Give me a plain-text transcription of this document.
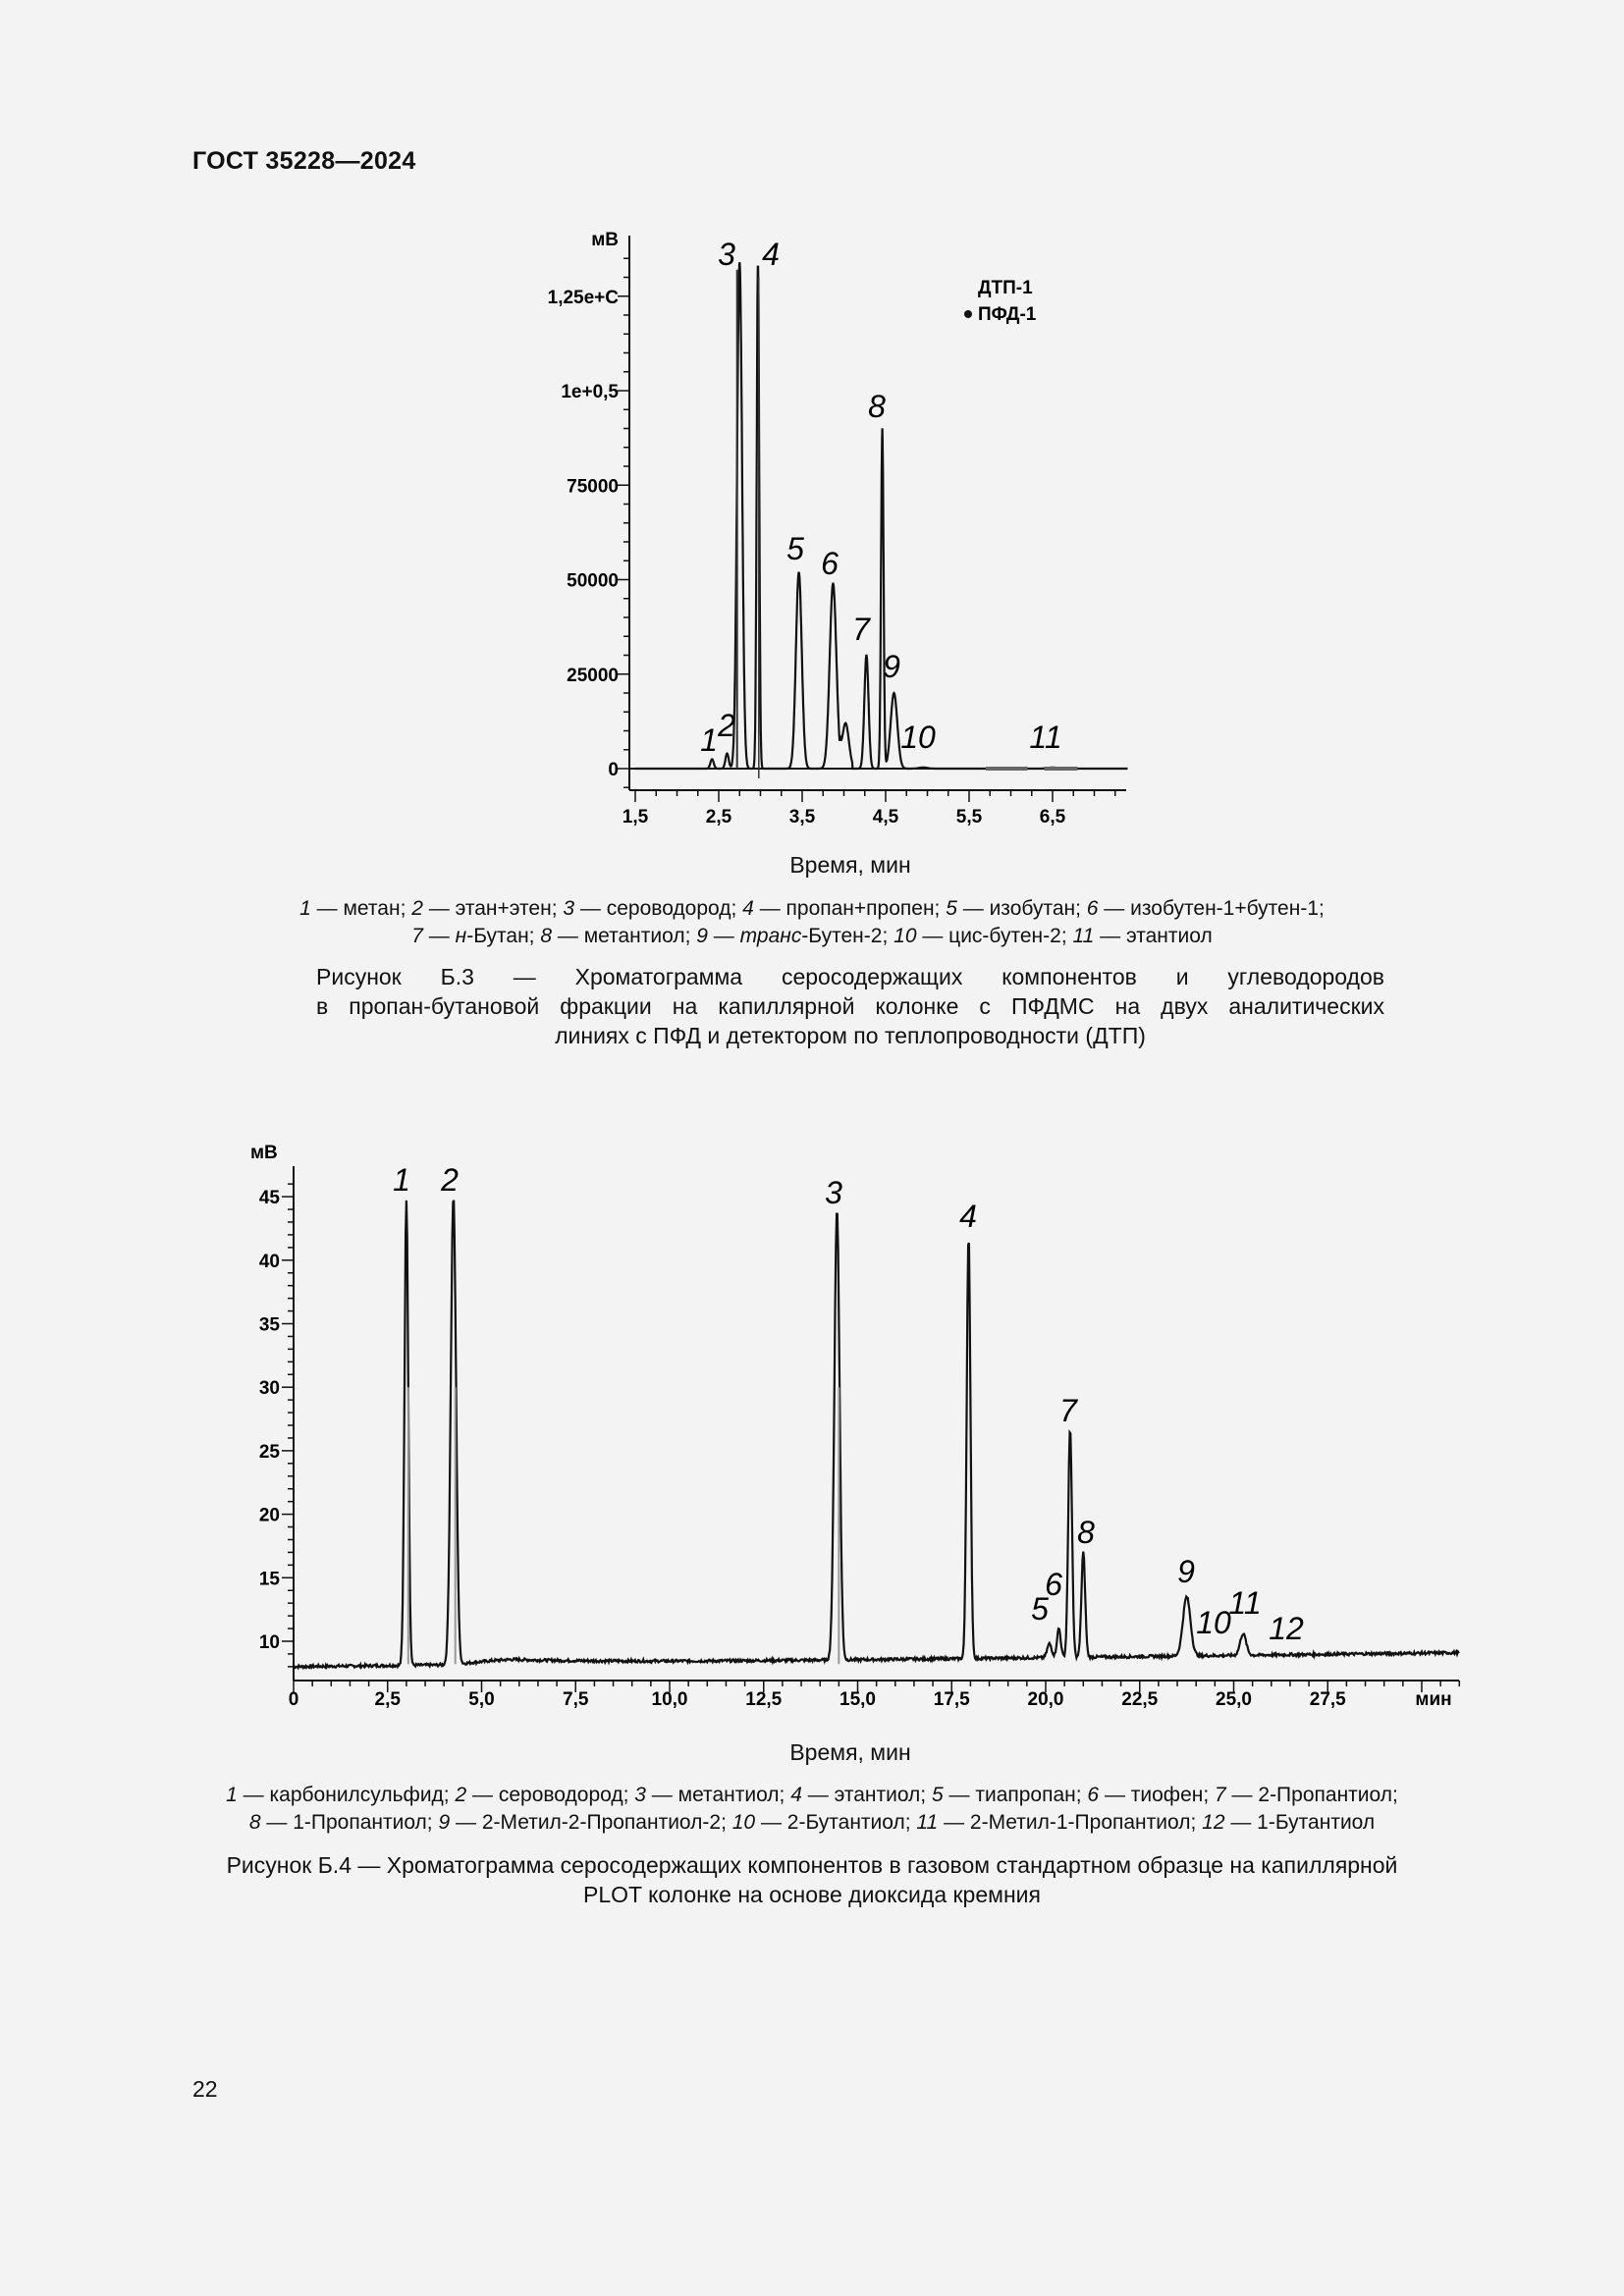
ГОСТ 35228—2024
мВ
0
25000
50000
75000
1e+0,5
1,25e+C
1,5	2,5	3,5	4,5	5,5	6,5
1 2
3 4
5 6
7
8
9
10	11
ДТП-1
ПФД-1
Время, мин
1 — метан; 2 — этан+этен; 3 — сероводород; 4 — пропан+пропен; 5 — изобутан; 6 — изобутен-1+бутен-1;
7 — н-Бутан; 8 — метантиол; 9 — транс-Бутен-2; 10 — цис-бутен-2; 11 — этантиол
Рисунок Б.3 — Хроматограмма серосодержащих компонентов и углеводородов
в пропан-бутановой фракции на капиллярной колонке с ПФДМС на двух аналитических
линиях с ПФД и детектором по теплопроводности (ДТП)
мВ
10
15
20
25
30
35
40
45
0	2,5	5,0	7,5	10,0	12,5	15,0	17,5	20,0	22,5	25,0	27,5	мин
1 2	3
4
5
6
7
8
9
10
11
12
Время, мин
1 — карбонилсульфид; 2 — сероводород; 3 — метантиол; 4 — этантиол; 5 — тиапропан; 6 — тиофен; 7 — 2-Пропантиол;
8 — 1-Пропантиол; 9 — 2-Метил-2-Пропантиол-2; 10 — 2-Бутантиол; 11 — 2-Метил-1-Пропантиол; 12 — 1-Бутантиол
Рисунок Б.4 — Хроматограмма серосодержащих компонентов в газовом стандартном образце на капиллярной
PLOT колонке на основе диоксида кремния
22
